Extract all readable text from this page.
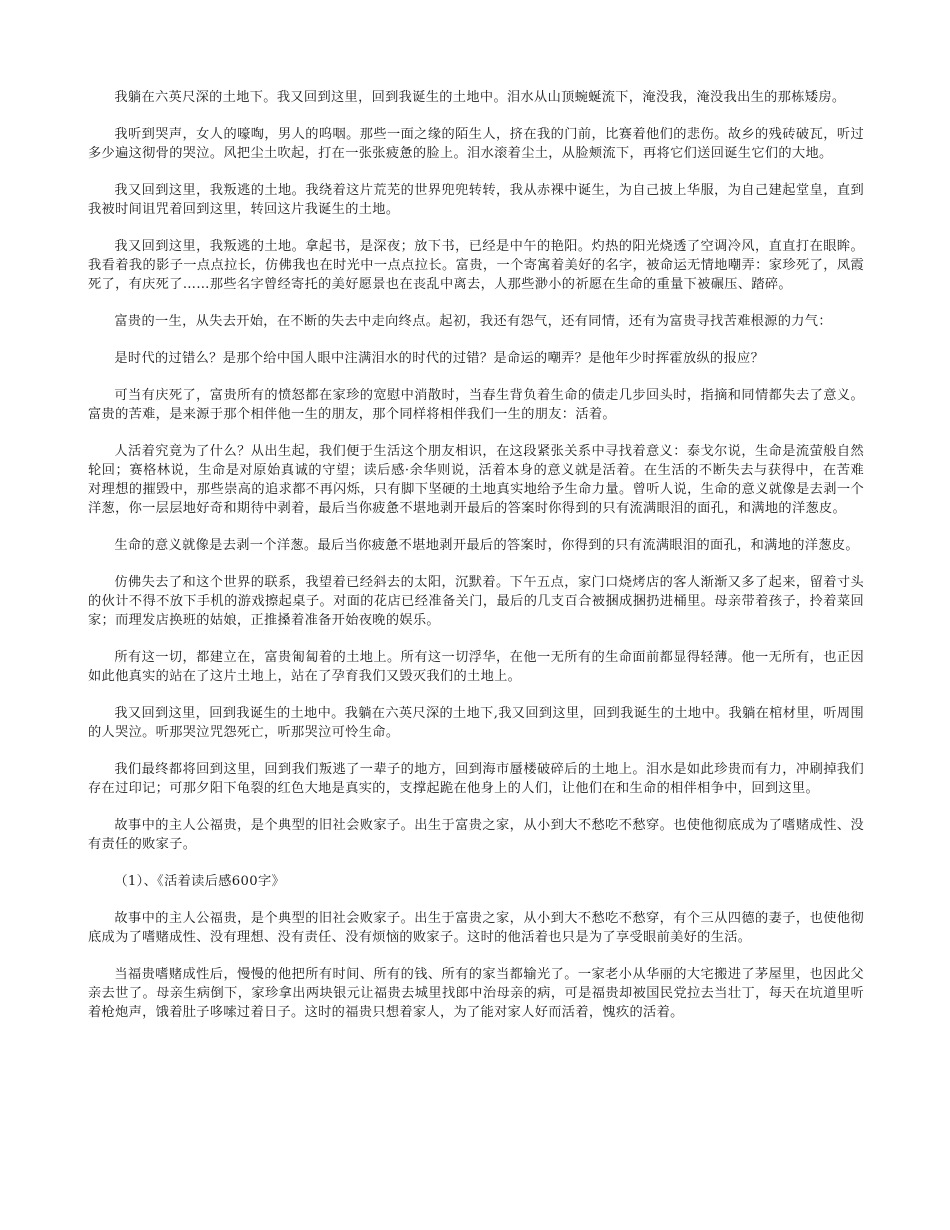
我躺在六英尺深的土地下。我又回到这里，回到我诞生的土地中。泪水从山顶蜿蜒流下，淹没我，淹没我出生的那栋矮房。

我听到哭声，女人的嚎啕，男人的呜咽。那些一面之缘的陌生人，挤在我的门前，比赛着他们的悲伤。故乡的残砖破瓦，听过多少遍这彻骨的哭泣。风把尘土吹起，打在一张张疲惫的脸上。泪水滚着尘土，从脸颊流下，再将它们送回诞生它们的大地。

我又回到这里，我叛逃的土地。我绕着这片荒芜的世界兜兜转转，我从赤裸中诞生，为自己披上华服，为自己建起堂皇，直到我被时间诅咒着回到这里，转回这片我诞生的土地。

我又回到这里，我叛逃的土地。拿起书，是深夜；放下书，已经是中午的艳阳。灼热的阳光烧透了空调冷风，直直打在眼眸。我看着我的影子一点点拉长，仿佛我也在时光中一点点拉长。富贵，一个寄寓着美好的名字，被命运无情地嘲弄：家珍死了，凤霞死了，有庆死了……那些名字曾经寄托的美好愿景也在丧乱中离去，人那些渺小的祈愿在生命的重量下被碾压、踏碎。

富贵的一生，从失去开始，在不断的失去中走向终点。起初，我还有怨气，还有同情，还有为富贵寻找苦难根源的力气：

是时代的过错么？是那个给中国人眼中注满泪水的时代的过错？是命运的嘲弄？是他年少时挥霍放纵的报应？

可当有庆死了，富贵所有的愤怒都在家珍的宽慰中消散时，当春生背负着生命的债走几步回头时，指摘和同情都失去了意义。富贵的苦难，是来源于那个相伴他一生的朋友，那个同样将相伴我们一生的朋友：活着。

人活着究竟为了什么？从出生起，我们便于生活这个朋友相识，在这段紧张关系中寻找着意义：泰戈尔说，生命是流萤般自然轮回；赛格林说，生命是对原始真诚的守望；读后感·余华则说，活着本身的意义就是活着。在生活的不断失去与获得中，在苦难对理想的摧毁中，那些崇高的追求都不再闪烁，只有脚下坚硬的土地真实地给予生命力量。曾听人说，生命的意义就像是去剥一个洋葱，你一层层地好奇和期待中剥着，最后当你疲惫不堪地剥开最后的答案时你得到的只有流满眼泪的面孔，和满地的洋葱皮。

生命的意义就像是去剥一个洋葱。最后当你疲惫不堪地剥开最后的答案时，你得到的只有流满眼泪的面孔，和满地的洋葱皮。

仿佛失去了和这个世界的联系，我望着已经斜去的太阳，沉默着。下午五点，家门口烧烤店的客人渐渐又多了起来，留着寸头的伙计不得不放下手机的游戏擦起桌子。对面的花店已经准备关门，最后的几支百合被捆成捆扔进桶里。母亲带着孩子，拎着菜回家；而理发店换班的姑娘，正推搡着准备开始夜晚的娱乐。

所有这一切，都建立在，富贵匍匐着的土地上。所有这一切浮华，在他一无所有的生命面前都显得轻薄。他一无所有，也正因如此他真实的站在了这片土地上，站在了孕育我们又毁灭我们的土地上。

我又回到这里，回到我诞生的土地中。我躺在六英尺深的土地下,我又回到这里，回到我诞生的土地中。我躺在棺材里，听周围的人哭泣。听那哭泣咒怨死亡，听那哭泣可怜生命。

我们最终都将回到这里，回到我们叛逃了一辈子的地方，回到海市蜃楼破碎后的土地上。泪水是如此珍贵而有力，冲刷掉我们存在过印记；可那夕阳下龟裂的红色大地是真实的，支撑起跪在他身上的人们，让他们在和生命的相伴相争中，回到这里。

故事中的主人公福贵，是个典型的旧社会败家子。出生于富贵之家，从小到大不愁吃不愁穿。也使他彻底成为了嗜赌成性、没有责任的败家子。

（1）、《活着读后感600字》

故事中的主人公福贵，是个典型的旧社会败家子。出生于富贵之家，从小到大不愁吃不愁穿，有个三从四德的妻子，也使他彻底成为了嗜赌成性、没有理想、没有责任、没有烦恼的败家子。这时的他活着也只是为了享受眼前美好的生活。

当福贵嗜赌成性后，慢慢的他把所有时间、所有的钱、所有的家当都输光了。一家老小从华丽的大宅搬进了茅屋里，也因此父亲去世了。母亲生病倒下，家珍拿出两块银元让福贵去城里找郎中治母亲的病，可是福贵却被国民党拉去当壮丁，每天在坑道里听着枪炮声，饿着肚子哆嗦过着日子。这时的福贵只想着家人，为了能对家人好而活着，愧疚的活着。
